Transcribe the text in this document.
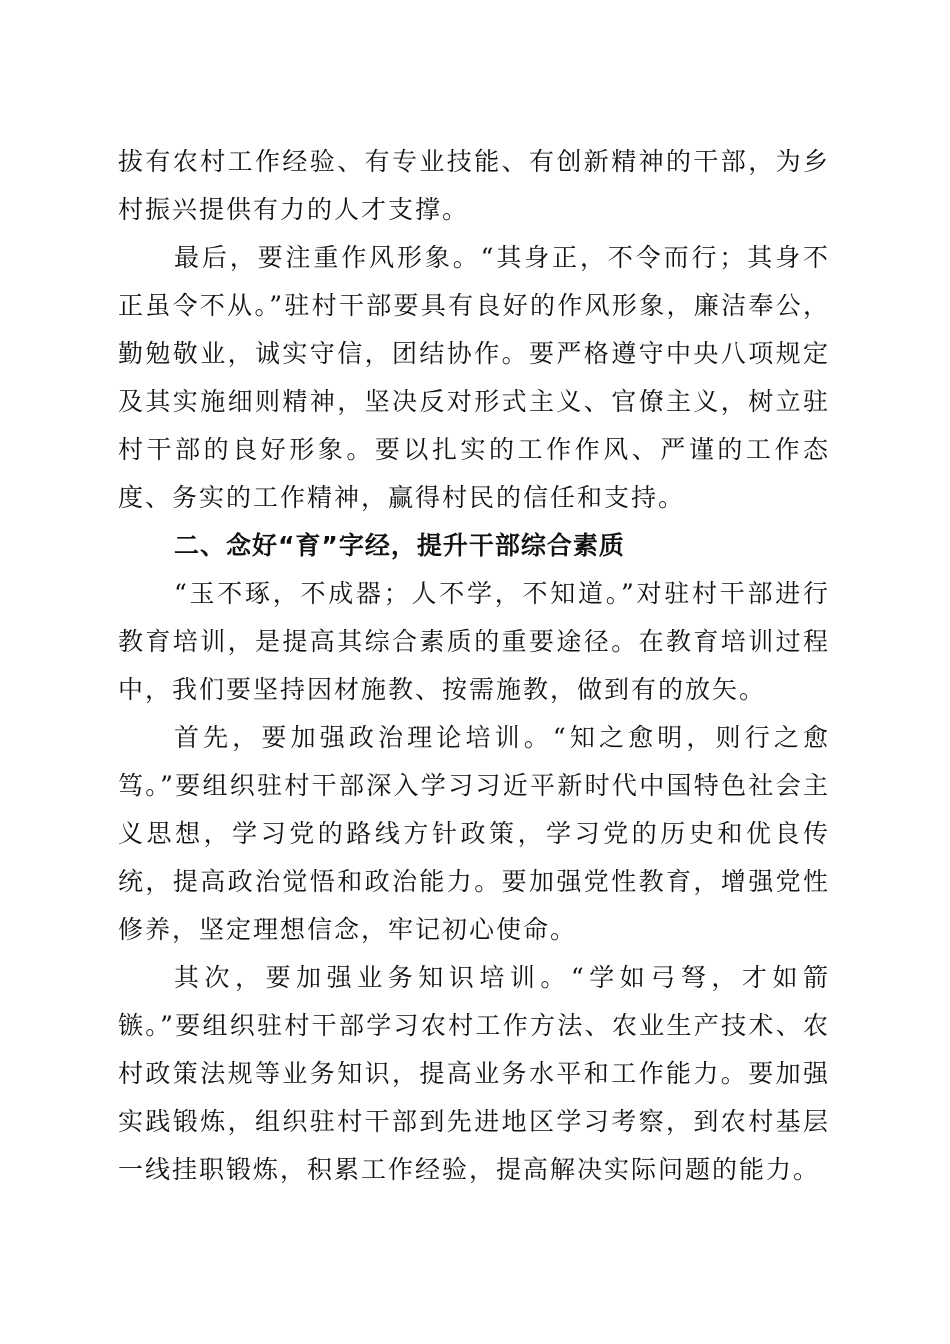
拔有农村工作经验、有专业技能、有创新精神的干部，为乡村振兴提供有力的人才支撑。

最后，要注重作风形象。“其身正，不令而行；其身不正虽令不从。”驻村干部要具有良好的作风形象，廉洁奉公，勤勉敬业，诚实守信，团结协作。要严格遵守中央八项规定及其实施细则精神，坚决反对形式主义、官僚主义，树立驻村干部的良好形象。要以扎实的工作作风、严谨的工作态度、务实的工作精神，赢得村民的信任和支持。

二、念好“育”字经，提升干部综合素质

“玉不琢，不成器；人不学，不知道。”对驻村干部进行教育培训，是提高其综合素质的重要途径。在教育培训过程中，我们要坚持因材施教、按需施教，做到有的放矢。

首先，要加强政治理论培训。“知之愈明，则行之愈笃。”要组织驻村干部深入学习习近平新时代中国特色社会主义思想，学习党的路线方针政策，学习党的历史和优良传统，提高政治觉悟和政治能力。要加强党性教育，增强党性修养，坚定理想信念，牢记初心使命。

其次，要加强业务知识培训。“学如弓弩，才如箭镞。”要组织驻村干部学习农村工作方法、农业生产技术、农村政策法规等业务知识，提高业务水平和工作能力。要加强实践锻炼，组织驻村干部到先进地区学习考察，到农村基层一线挂职锻炼，积累工作经验，提高解决实际问题的能力。
